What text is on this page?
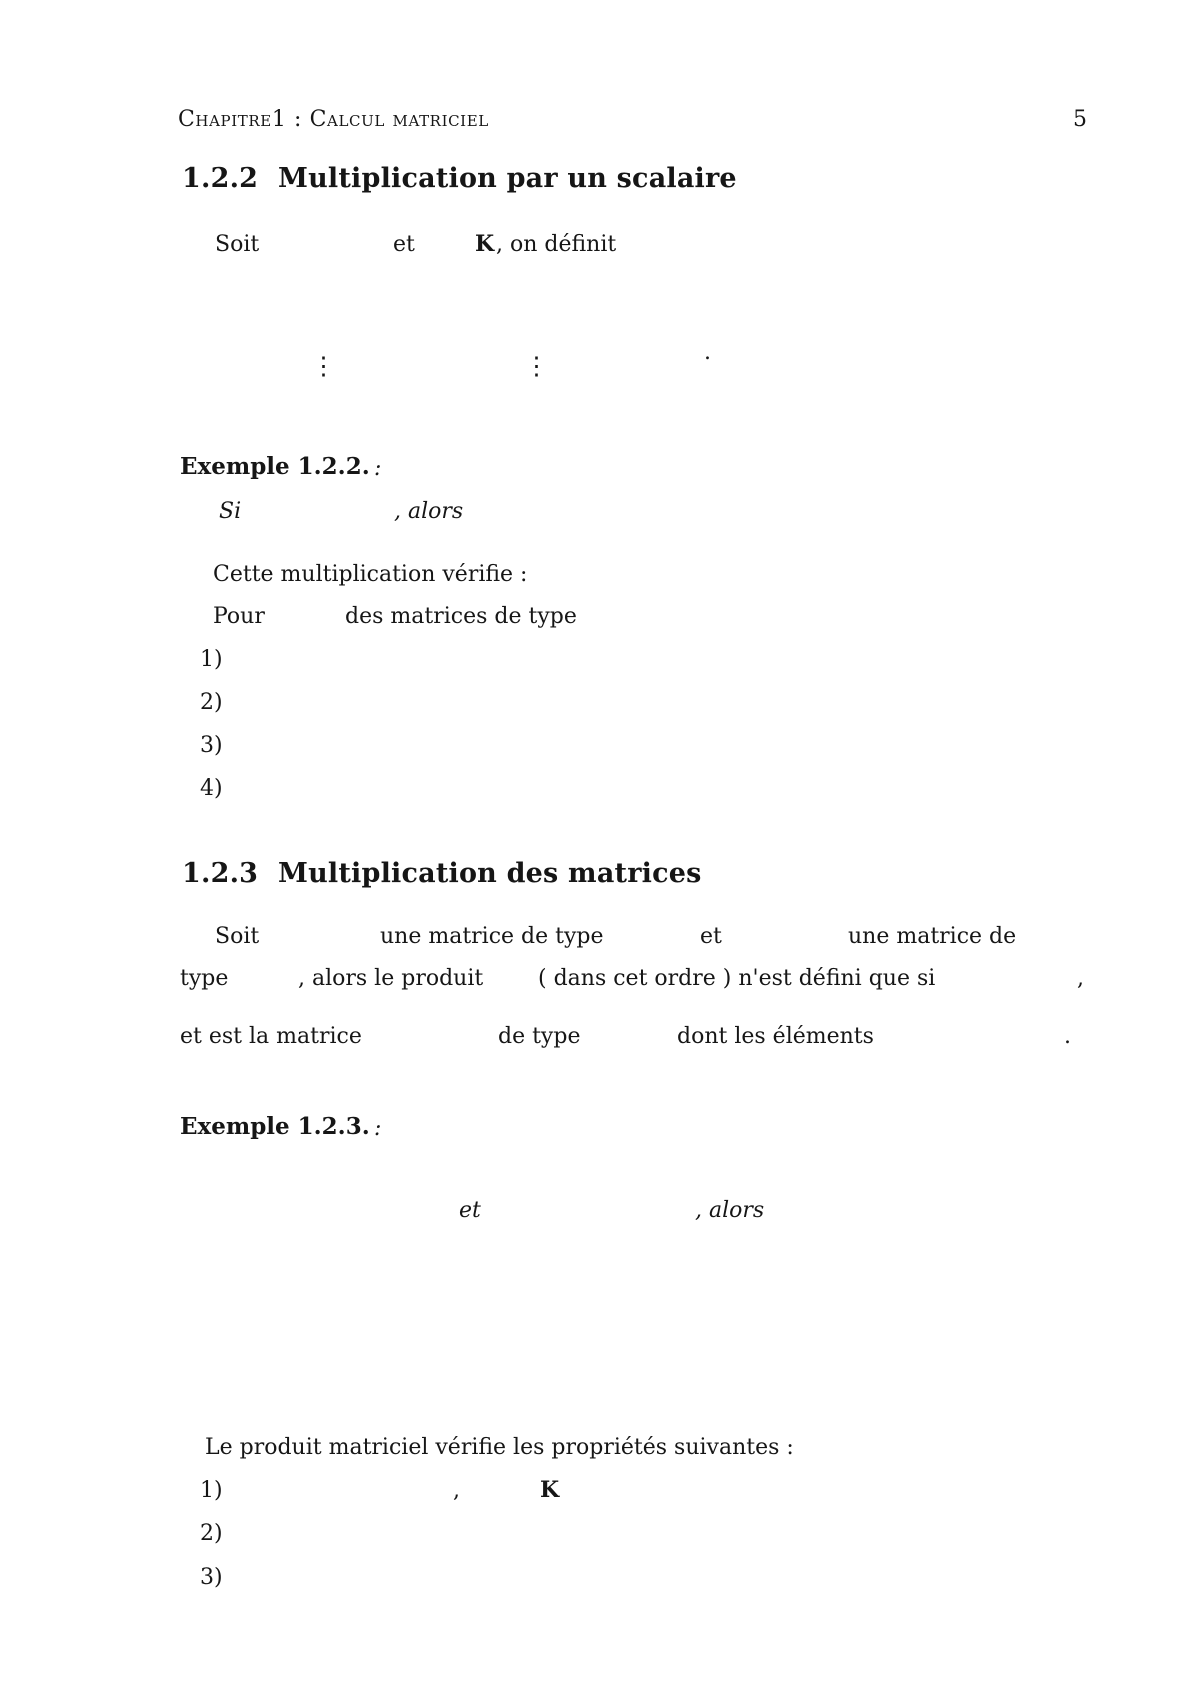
Chapitre1 : Calcul matriciel	5
1.2.2 Multiplication par un scalaire
Soit	et	K , on définit
⋮	⋮	.
Exemple 1.2.2. :
Si	, alors
Cette multiplication vérifie :
Pour	des matrices de type
1)
2)
3)
4)
1.2.3 Multiplication des matrices
Soit	une matrice de type	et	une matrice de
type	, alors le produit ( dans cet ordre ) n'est défini que si	,
et est la matrice	de type	dont les éléments	.
Exemple 1.2.3. :
et	, alors
Le produit matriciel vérifie les propriétés suivantes :
1)	,	K
2)
3)
